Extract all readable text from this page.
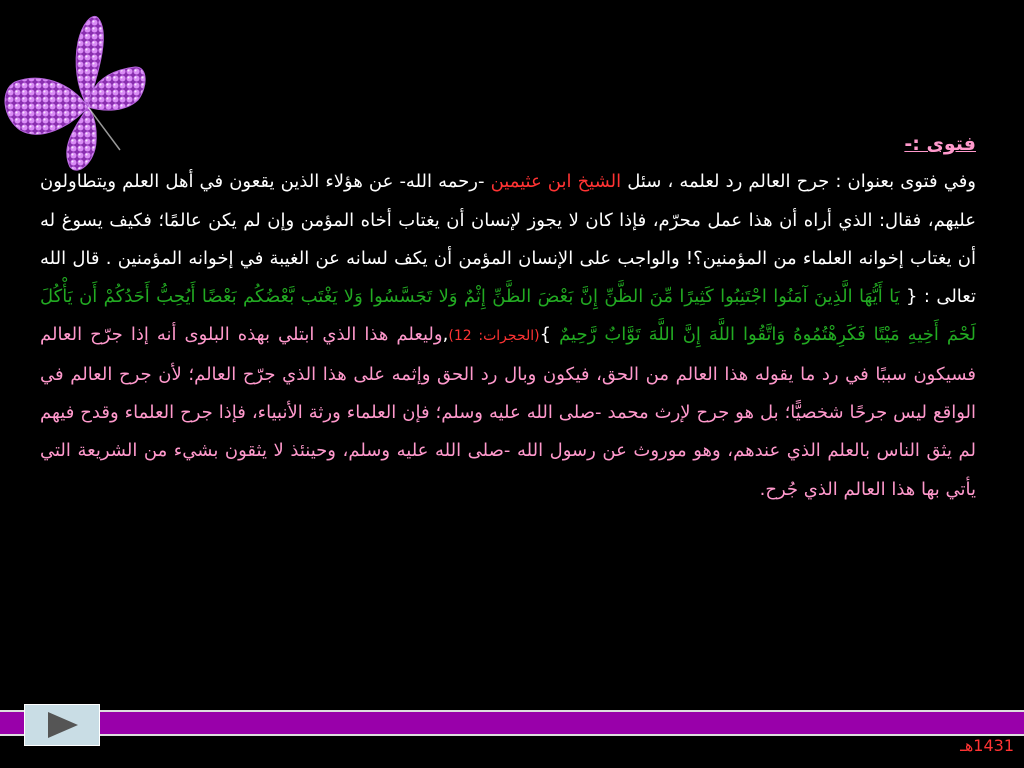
فتوى :-
وفي فتوى بعنوان : جرح العالم رد لعلمه ، سئل الشيخ ابن عثيمين -رحمه الله- عن هؤلاء الذين يقعون في أهل العلم ويتطاولون عليهم، فقال: الذي أراه أن هذا عمل محرّم، فإذا كان لا يجوز لإنسان أن يغتاب أخاه المؤمن وإن لم يكن عالمًا؛ فكيف يسوغ له أن يغتاب إخوانه العلماء من المؤمنين؟! والواجب على الإنسان المؤمن أن يكف لسانه عن الغيبة في إخوانه المؤمنين . قال الله تعالى : { يَا أَيُّهَا الَّذِينَ آمَنُوا اجْتَنِبُوا كَثِيرًا مِّنَ الظَّنِّ إِنَّ بَعْضَ الظَّنِّ إِثْمٌ وَلا تَجَسَّسُوا وَلا يَغْتَب بَّعْضُكُم بَعْضًا أَيُحِبُّ أَحَدُكُمْ أَن يَأْكُلَ لَحْمَ أَخِيهِ مَيْتًا فَكَرِهْتُمُوهُ وَاتَّقُوا اللَّهَ إِنَّ اللَّهَ تَوَّابٌ رَّحِيمٌ }(الحجرات: 12),وليعلم هذا الذي ابتلي بهذه البلوى أنه إذا جرّح العالم فسيكون سببًا في رد ما يقوله هذا العالم من الحق، فيكون وبال رد الحق وإثمه على هذا الذي جرّح العالم؛ لأن جرح العالم في الواقع ليس جرحًا شخصيًّا؛ بل هو جرح لإرث محمد -صلى الله عليه وسلم؛ فإن العلماء ورثة الأنبياء، فإذا جرح العلماء وقدح فيهم لم يثق الناس بالعلم الذي عندهم، وهو موروث عن رسول الله -صلى الله عليه وسلم، وحينئذ لا يثقون بشيء من الشريعة التي يأتي بها هذا العالم الذي جُرح.
1431هـ
